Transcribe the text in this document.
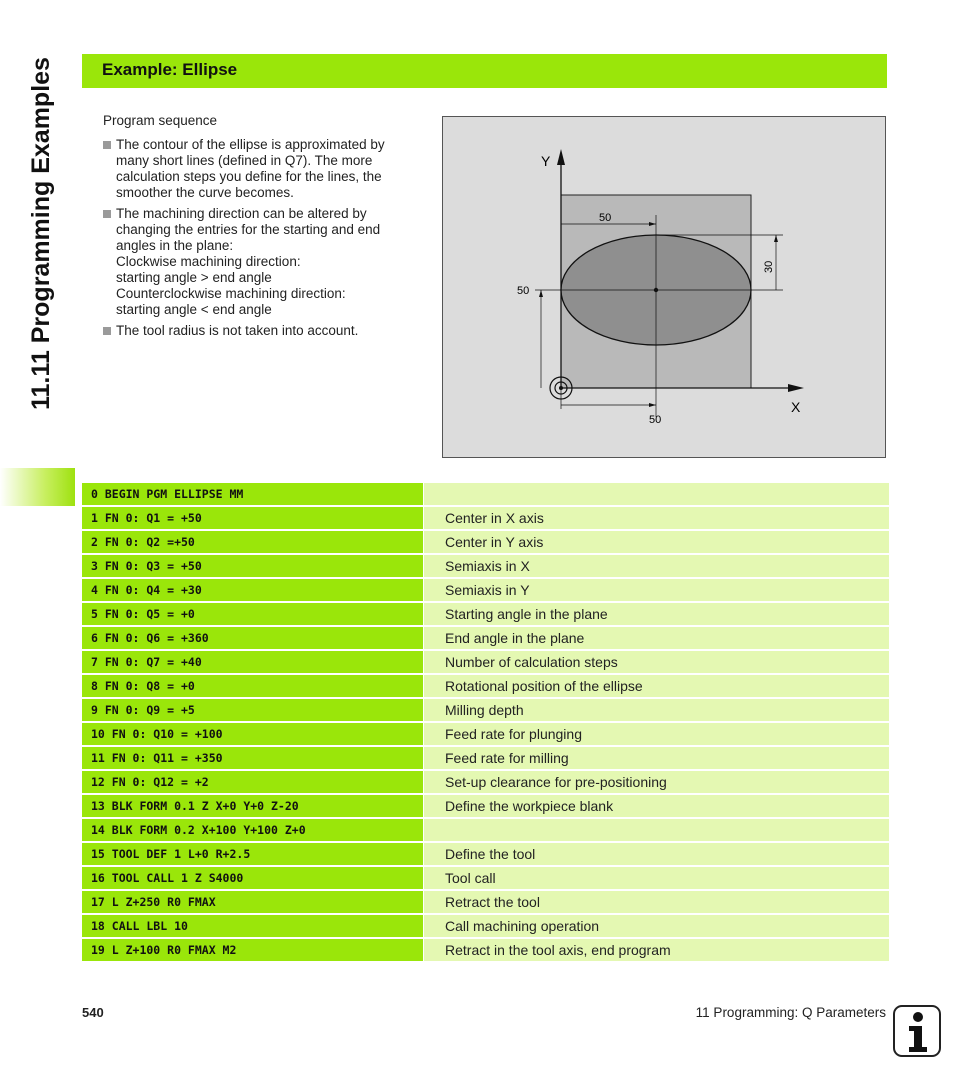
11.11 Programming Examples	Example: Ellipse
Program sequence
The contour of the ellipse is approximated by many short lines (defined in Q7). The more calculation steps you define for the lines, the smoother the curve becomes.
The machining direction can be altered by changing the entries for the starting and end angles in the plane:
Clockwise machining direction:
starting angle > end angle
Counterclockwise machining direction:
starting angle < end angle
The tool radius is not taken into account.
Y
X
50
50
30
50
0 BEGIN PGM ELLIPSE MM
1 FN 0: Q1 = +50	Center in X axis
2 FN 0: Q2 =+50	Center in Y axis
3 FN 0: Q3 = +50	Semiaxis in X
4 FN 0: Q4 = +30	Semiaxis in Y
5 FN 0: Q5 = +0	Starting angle in the plane
6 FN 0: Q6 = +360	End angle in the plane
7 FN 0: Q7 = +40	Number of calculation steps
8 FN 0: Q8 = +0	Rotational position of the ellipse
9 FN 0: Q9 = +5	Milling depth
10 FN 0: Q10 = +100	Feed rate for plunging
11 FN 0: Q11 = +350	Feed rate for milling
12 FN 0: Q12 = +2	Set-up clearance for pre-positioning
13 BLK FORM 0.1 Z X+0 Y+0 Z-20	Define the workpiece blank
14 BLK FORM 0.2 X+100 Y+100 Z+0
15 TOOL DEF 1 L+0 R+2.5	Define the tool
16 TOOL CALL 1 Z S4000	Tool call
17 L Z+250 R0 FMAX	Retract the tool
18 CALL LBL 10	Call machining operation
19 L Z+100 R0 FMAX M2	Retract in the tool axis, end program
540	11 Programming: Q Parameters
